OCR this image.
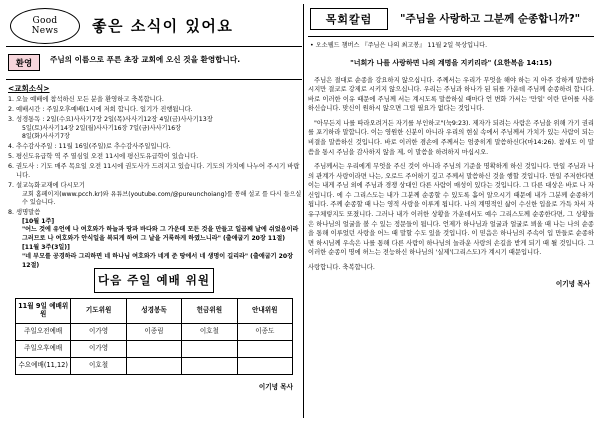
Good
News 좋은 소식이 있어요
환영	주님의 이름으로 푸른 초장 교회에 오신 것을 환영합니다.
<교회소식>
1. 오늘 예배에 참석하신 모든 분을 환영하고 축복합니다.
2. 예배시간 : 주일오후예배(1시에 저희 합니다. 일기가 진행됩니다.
3. 성경통독 : 2일(수요)사사기7장 2일(목)사사기12장 4일(금)사사기13장
5일(토)사사기14장 2일(월)사사기16장 7일(금)사사기16장
8일(화)사사기7장
4. 추수감사주일 : 11월 16일(주일)로 추수감사주일입니다.
5. 평신도유급학 역 주 열심일 오전 11시에 평신도유급학이 있습니다.
6. 권도사 : 기도 매주 목요일 오전 11시에 권도사가 드려지고 있습니다. 기도의 가치에 나누어 주시기 바랍니다.
7. 설교녹화교재에 다시모기
교회 홈페이지(www.pcch.kr)와 유튜브(youtube.com/@pureunchoiang)를 통해 설교 를 다시 들으실 수 있습니다.
8. 생명말씀
[10월 1주]
"어느 것에 유언에 나 여호와가 하늘과 땅과 바다와 그 가운데 모든 것을 만들고 일곱째 날에 쉬었음이라 그러므로 나 여호와가 안식일을 복되게 하여 그 날을 거룩하게 하였느니라" (출애굽기 20장 11절)
[11월 3주(3일)]
"네 부모를 공경하라 그리하면 네 하나님 여호와가 네게 준 땅에서 네 생명이 길리라" (출애굽기 20장 12절)
다음 주일 예배 위원
11월 9일 예배위원	기도위원	성경봉독	헌금위원	안내위원
주일오전예배	이가영	이종림	이호철	이종도
주일오후예배	이가영			
수요예배(11,12)	이호철			
이기녕 목사
목회칼럼	"주님을 사랑하고 그분께 순종합니까?"
• 오소웰드 챔버스 『주님은 나의 최고봉』 11월 2일 묵상입니다.
"너희가 나를 사랑하면 나의 계명을 지키리라" (요한복음 14:15)

주님은 절대로 순종을 강요하지 않으십니다. 주께서는 우리가 무엇을 해야 하는 지 아주 강하게 말씀하시지만 결코로 강제로 시키지 않으십니다. 우리는 주님과 하나가 된 뒤를 가운데 주님께 순종하려 합니다. 바로 이러한 이유 때문에 주님께 서는 계시도록 말씀하실 때마다 언 변화 가서는 '만일' 이란 단어를 사용하신습니다. 맞신이 원하시 않으면 그럴 필요가 없다는 것입니다.

"아무든지 나를 따라오려거든 자기를 부인하고"(눅9:23). 제자가 되려는 사람은 주님을 위해 가기 권리를 포기하라 말합니다. 이는 영원한 신분이 아니라 우리의 현실 속에서 주님께서 가치가 있는 사람이 되는 비결을 말씀하신 것입니다. 바로 이러한 겸손에 주께서는 엄중히게 말씀하신다(마14:26). 참새도 이 말씀을 통시 주님을 감사하지 않을 제, 이 말씀을 하려하지 마십시오.

주님께서는 우리에게 무엇을 주신 것이 아니라 주님의 기준을 명확하게 하신 것입니다. 만일 주님과 나의 관계가 사랑이라면 나는, 오로드 주어하기 깊고 주께서 말씀하신 것을 행할 것입니다. 만일 주저한다면 이는 내게 주님 외에 주님과 경쟁 상대인 다른 사람이 매성이 있다는 것입니다. 그 다른 대상은 바로 나 자신입니다. 에 수 그리스도는 내가 그분께 순종할 수 있도록 흩어 알으시기 때문에 내가 그분께 순종하기 됩니다. 주께 순종할 때 나는 영적 사랑을 이루게 됩니다. 나의 계명적인 삶이 수신한 입을로 가득 차서 자유구체렇지도 또졌니다. 그러나 내가 이러한 상황을 가운데서도 예수 그리스도께 순종한다면, 그 상황들은 하나님의 얼굴을 볼 수 있는 정문들이 됩니다. 언제가 하나님과 얼굴과 얼굴로 뵈올 때 나는 나의 순종을 통해 이루었던 사랑을 어느 때 말할 수도 있을 것입니다. 이 믿음은 하나님의 주속이 입 만들로 순종하면 하시님께 우속은 나를 통해 다른 사람이 하나님의 놀라운 사랑의 손길을 받게 되기 때 될 것입니다. 그 이러한 순종이 명에 허느는 전능하신 하나님의 '실제'(그리스도)가 계시기 때문입니다.

사랑합니다. 축복합니다.

이기녕 목사
